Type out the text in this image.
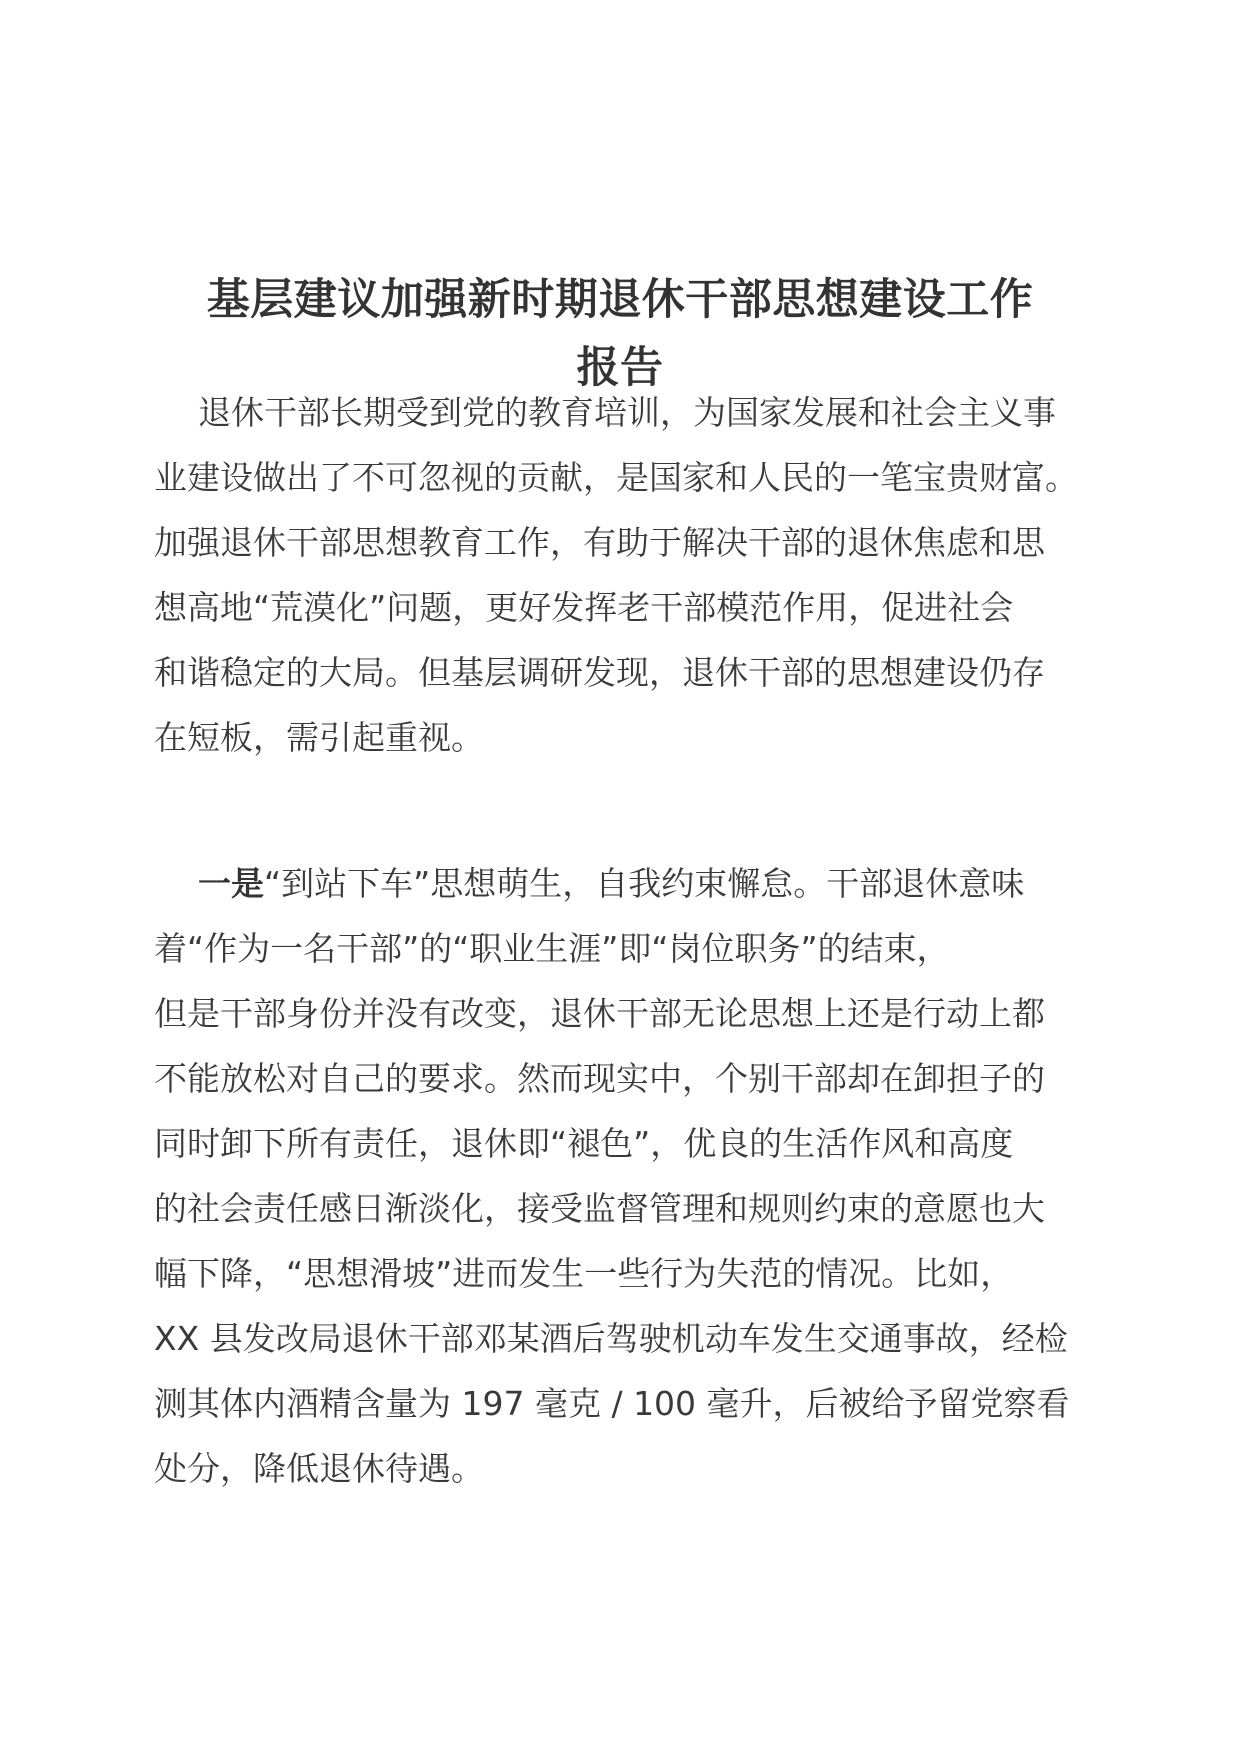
基层建议加强新时期退休干部思想建设工作
报告
退休干部长期受到党的教育培训，为国家发展和社会主义事
业建设做出了不可忽视的贡献，是国家和人民的一笔宝贵财富。
加强退休干部思想教育工作，有助于解决干部的退休焦虑和思
想高地“荒漠化”问题，更好发挥老干部模范作用，促进社会
和谐稳定的大局。但基层调研发现，退休干部的思想建设仍存
在短板，需引起重视。
一是“到站下车”思想萌生，自我约束懈怠。干部退休意味
着“作为一名干部”的“职业生涯”即“岗位职务”的结束，
但是干部身份并没有改变，退休干部无论思想上还是行动上都
不能放松对自己的要求。然而现实中，个别干部却在卸担子的
同时卸下所有责任，退休即“褪色”，优良的生活作风和高度
的社会责任感日渐淡化，接受监督管理和规则约束的意愿也大
幅下降，“思想滑坡”进而发生一些行为失范的情况。比如，
XX 县发改局退休干部邓某酒后驾驶机动车发生交通事故，经检
测其体内酒精含量为 197 毫克 / 100 毫升，后被给予留党察看
处分，降低退休待遇。
